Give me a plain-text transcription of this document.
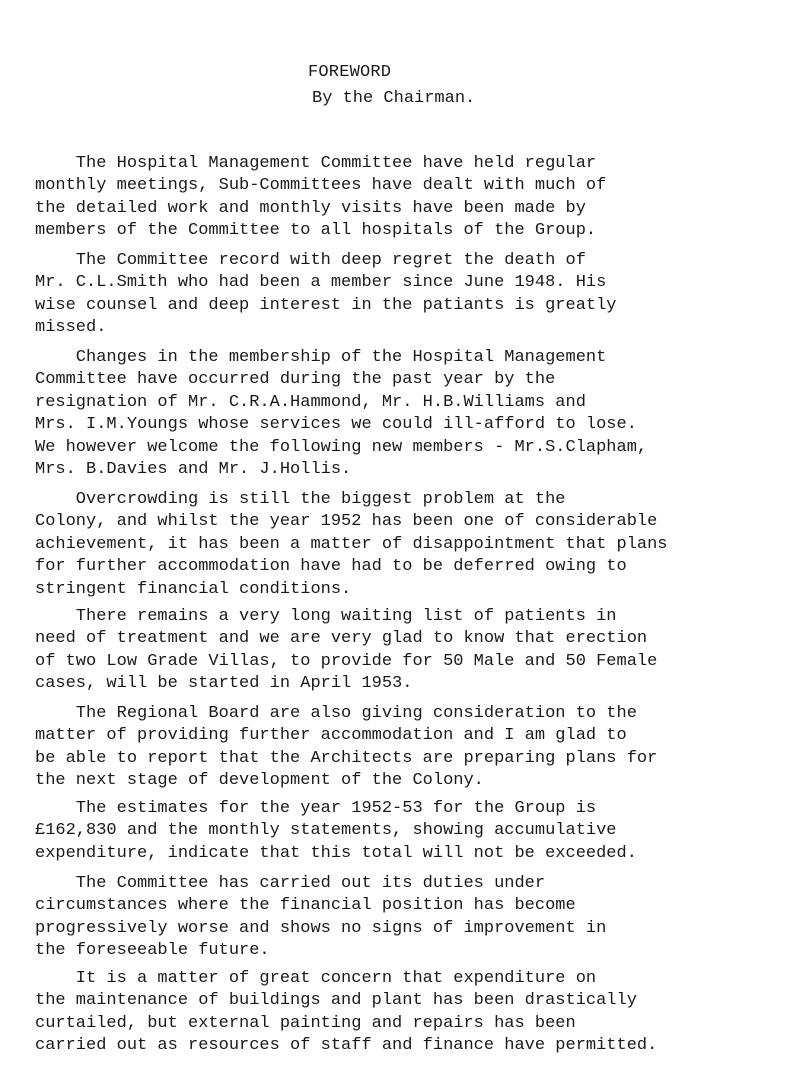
FOREWORD
By the Chairman.
The Hospital Management Committee have held regular
monthly meetings, Sub-Committees have dealt with much of
the detailed work and monthly visits have been made by
members of the Committee to all hospitals of the Group.
The Committee record with deep regret the death of
Mr. C.L.Smith who had been a member since June 1948. His
wise counsel and deep interest in the patiants is greatly
missed.
Changes in the membership of the Hospital Management
Committee have occurred during the past year by the
resignation of Mr. C.R.A.Hammond, Mr. H.B.Williams and
Mrs. I.M.Youngs whose services we could ill-afford to lose.
We however welcome the following new members - Mr.S.Clapham,
Mrs. B.Davies and Mr. J.Hollis.
Overcrowding is still the biggest problem at the
Colony, and whilst the year 1952 has been one of considerable
achievement, it has been a matter of disappointment that plans
for further accommodation have had to be deferred owing to
stringent financial conditions.
There remains a very long waiting list of patients in
need of treatment and we are very glad to know that erection
of two Low Grade Villas, to provide for 50 Male and 50 Female
cases, will be started in April 1953.
The Regional Board are also giving consideration to the
matter of providing further accommodation and I am glad to
be able to report that the Architects are preparing plans for
the next stage of development of the Colony.
The estimates for the year 1952-53 for the Group is
£162,830 and the monthly statements, showing accumulative
expenditure, indicate that this total will not be exceeded.
The Committee has carried out its duties under
circumstances where the financial position has become
progressively worse and shows no signs of improvement in
the foreseeable future.
It is a matter of great concern that expenditure on
the maintenance of buildings and plant has been drastically
curtailed, but external painting and repairs has been
carried out as resources of staff and finance have permitted.
